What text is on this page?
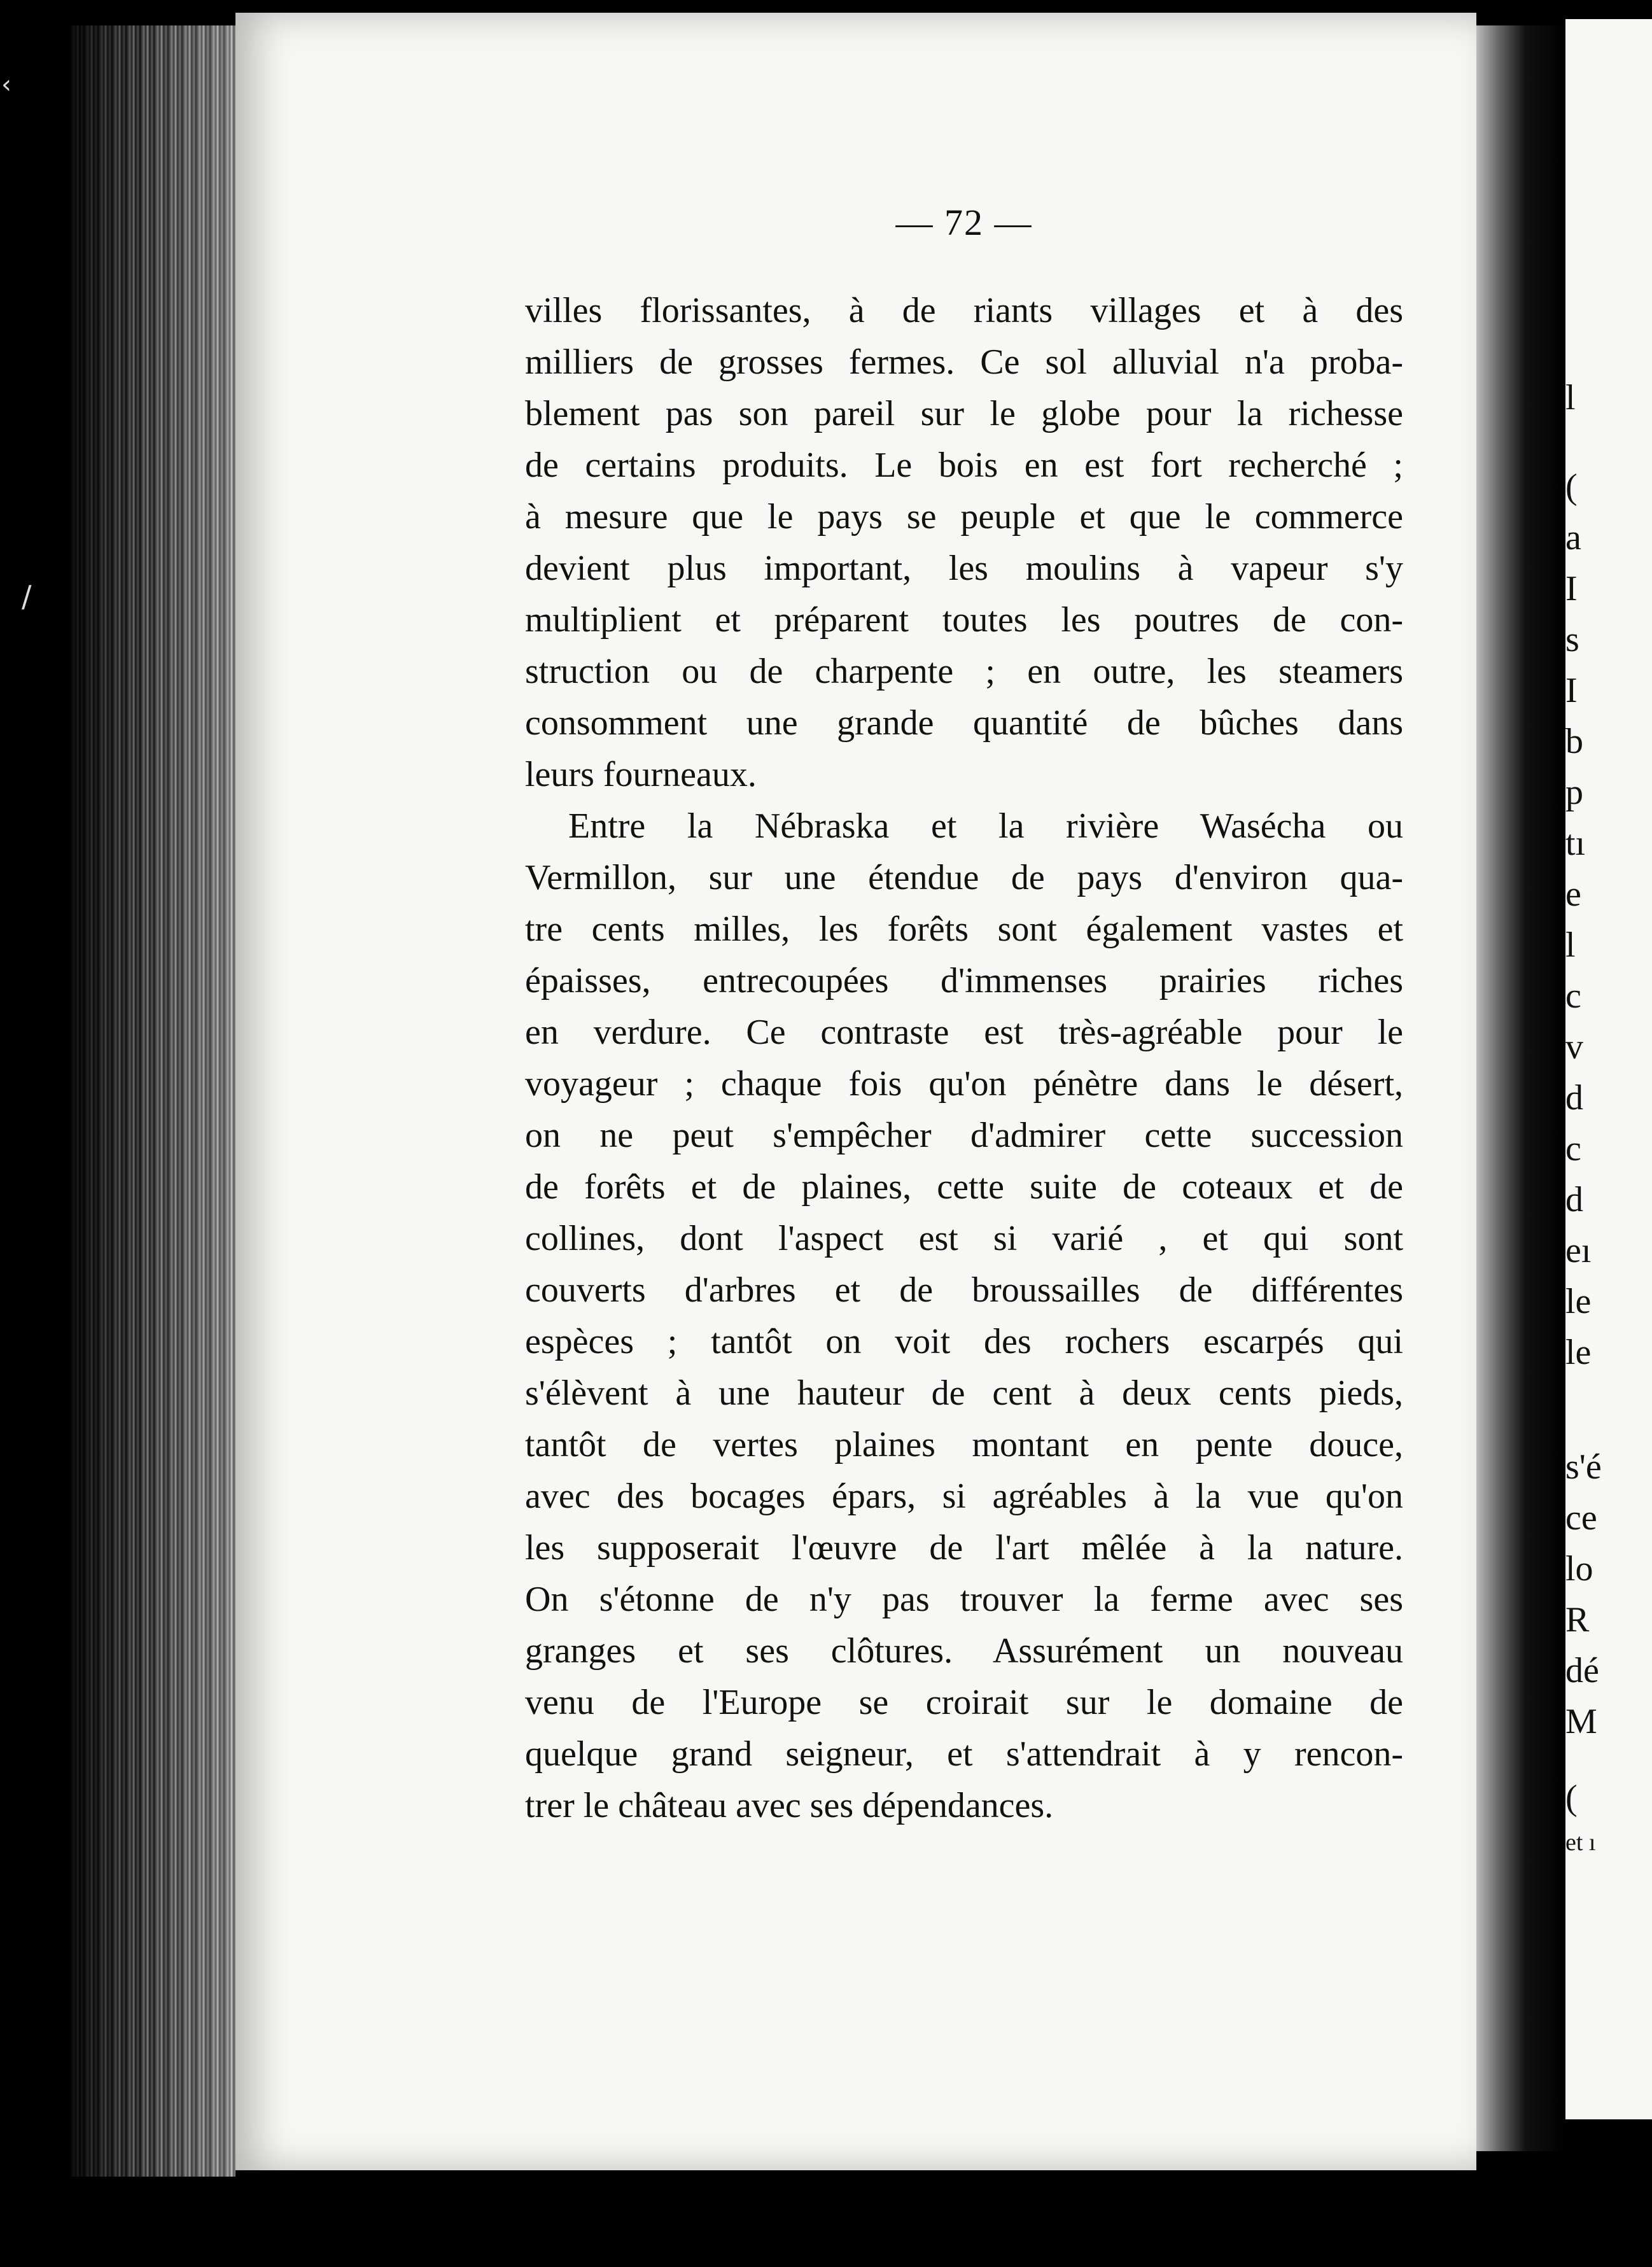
‹
/
— 72 —
villes florissantes, à de riants villages et à des
milliers de grosses fermes. Ce sol alluvial n'a proba-
blement pas son pareil sur le globe pour la richesse
de certains produits. Le bois en est fort recherché ;
à mesure que le pays se peuple et que le commerce
devient plus important, les moulins à vapeur s'y
multiplient et préparent toutes les poutres de con-
struction ou de charpente ; en outre, les steamers
consomment une grande quantité de bûches dans
leurs fourneaux.
Entre la Nébraska et la rivière Wasécha ou
Vermillon, sur une étendue de pays d'environ qua-
tre cents milles, les forêts sont également vastes et
épaisses, entrecoupées d'immenses prairies riches
en verdure. Ce contraste est très-agréable pour le
voyageur ; chaque fois qu'on pénètre dans le désert,
on ne peut s'empêcher d'admirer cette succession
de forêts et de plaines, cette suite de coteaux et de
collines, dont l'aspect est si varié , et qui sont
couverts d'arbres et de broussailles de différentes
espèces ; tantôt on voit des rochers escarpés qui
s'élèvent à une hauteur de cent à deux cents pieds,
tantôt de vertes plaines montant en pente douce,
avec des bocages épars, si agréables à la vue qu'on
les supposerait l'œuvre de l'art mêlée à la nature.
On s'étonne de n'y pas trouver la ferme avec ses
granges et ses clôtures. Assurément un nouveau
venu de l'Europe se croirait sur le domaine de
quelque grand seigneur, et s'attendrait à y rencon-
trer le château avec ses dépendances.
l
(
a
I
s
I
b
p
tı
e
l
c
v
d
c
d
eı
le
le
s'é
ce
lo
R
dé
M
(
et ı
